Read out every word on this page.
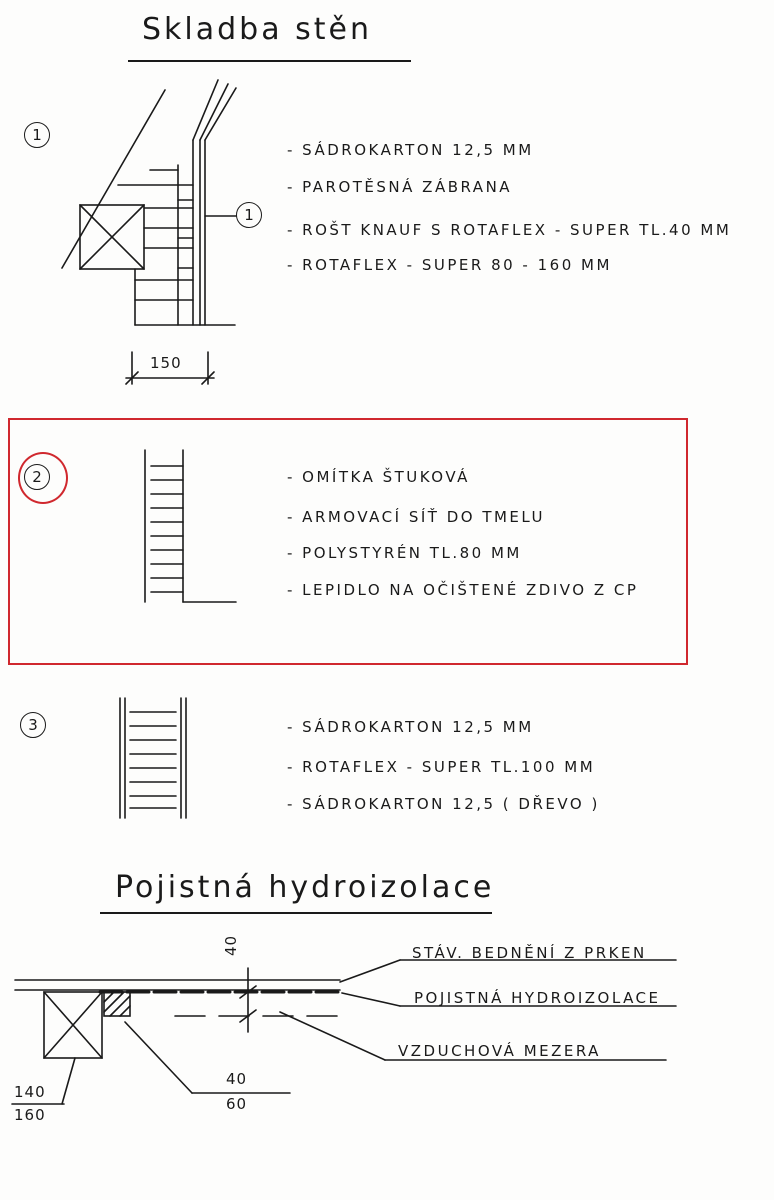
Skladba stěn
1
1
150
- SÁDROKARTON 12,5 MM
- PAROTĚSNÁ ZÁBRANA
- ROŠT KNAUF S ROTAFLEX - SUPER TL.40 MM
- ROTAFLEX - SUPER 80 - 160 MM
2	- OMÍTKA ŠTUKOVÁ
- ARMOVACÍ SÍŤ DO TMELU
- POLYSTYRÉN TL.80 MM
- LEPIDLO NA OČIŠTENÉ ZDIVO Z CP
3	- SÁDROKARTON 12,5 MM
- ROTAFLEX - SUPER TL.100 MM
- SÁDROKARTON 12,5 ( DŘEVO )
Pojistná hydroizolace
40	STÁV. BEDNĚNÍ Z PRKEN
POJISTNÁ HYDROIZOLACE
VZDUCHOVÁ MEZERA
40
60
140
160
